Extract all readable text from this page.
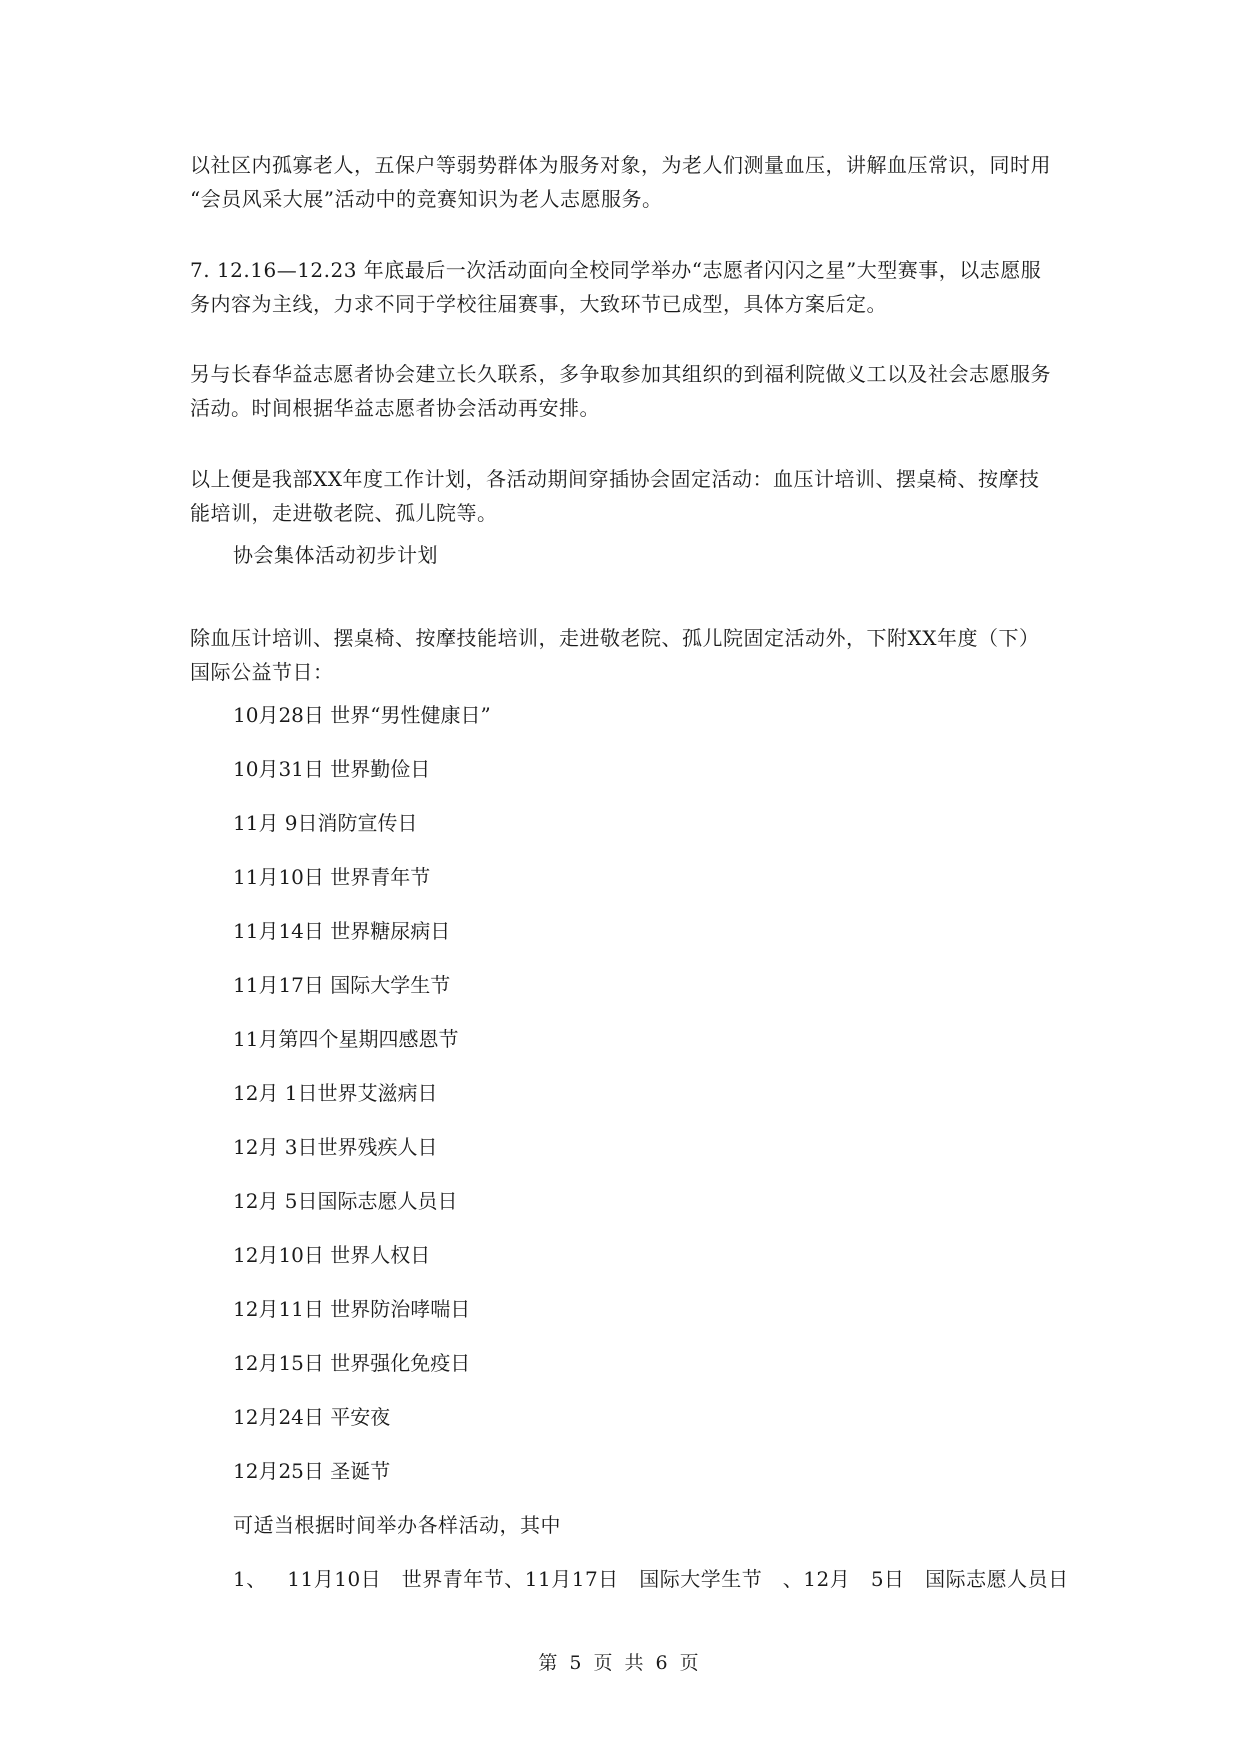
以社区内孤寡老人，五保户等弱势群体为服务对象，为老人们测量血压，讲解血压常识，同时用 “会员风采大展”活动中的竞赛知识为老人志愿服务。

7. 12.16—12.23 年底最后一次活动面向全校同学举办“志愿者闪闪之星”大型赛事，以志愿服务内容为主线，力求不同于学校往届赛事，大致环节已成型，具体方案后定。

另与长春华益志愿者协会建立长久联系，多争取参加其组织的到福利院做义工以及社会志愿服务活动。时间根据华益志愿者协会活动再安排。

以上便是我部XX年度工作计划，各活动期间穿插协会固定活动：血压计培训、摆桌椅、按摩技能培训，走进敬老院、孤儿院等。

协会集体活动初步计划

除血压计培训、摆桌椅、按摩技能培训，走进敬老院、孤儿院固定活动外，下附XX年度（下）国际公益节日：

10月28日 世界“男性健康日”

10月31日 世界勤俭日

11月 9日消防宣传日

11月10日 世界青年节

11月14日 世界糖尿病日

11月17日 国际大学生节

11月第四个星期四感恩节

12月 1日世界艾滋病日

12月 3日世界残疾人日

12月 5日国际志愿人员日

12月10日 世界人权日

12月11日 世界防治哮喘日

12月15日 世界强化免疫日

12月24日 平安夜

12月25日 圣诞节

可适当根据时间举办各样活动，其中

1、   11月10日   世界青年节、11月17日   国际大学生节   、12月   5日   国际志愿人员日

第 5 页 共 6 页
